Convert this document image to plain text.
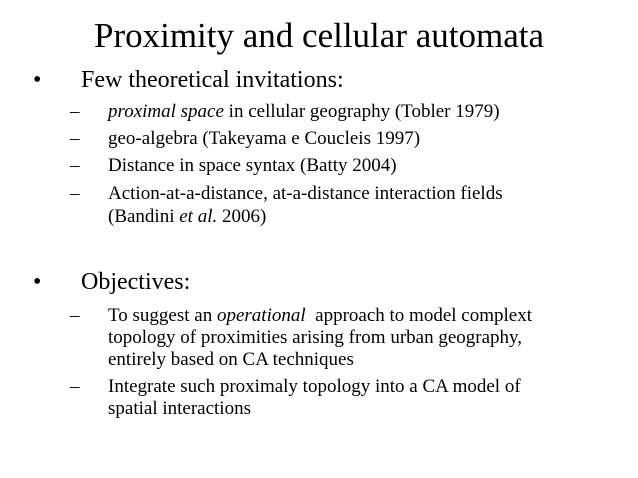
Proximity and cellular automata
• Few theoretical invitations:
– proximal space in cellular geography (Tobler 1979)
– geo-algebra (Takeyama e Coucleis 1997)
– Distance in space syntax (Batty 2004)
– Action-at-a-distance, at-a-distance interaction fields
(Bandini et al. 2006)
• Objectives:
– To suggest an operational  approach to model complext
topology of proximities arising from urban geography,
entirely based on CA techniques
– Integrate such proximaly topology into a CA model of
spatial interactions
